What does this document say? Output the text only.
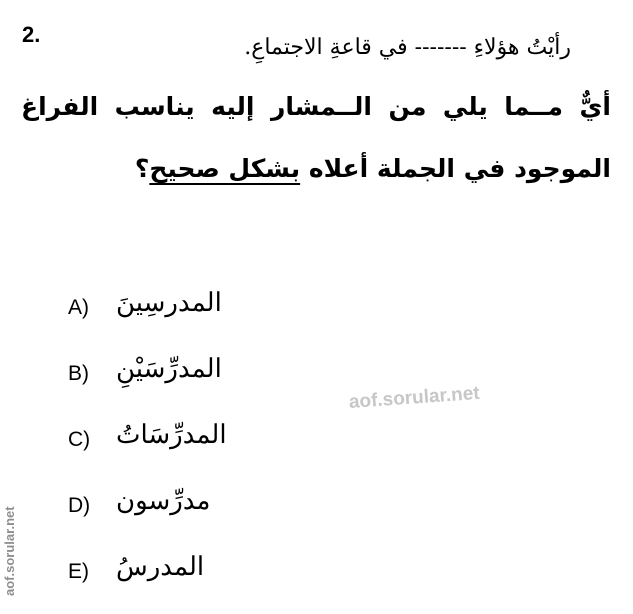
2.
رأيْتُ هؤلاءِ ------- في قاعةِ الاجتماعِ.
أيٌّ مــما يلي من الــمشار إليه يناسب الفراغ الموجود في الجملة أعلاه بشكل صحيح؟
A) المدرسِينَ
B) المدرِّسَيْنِ
C) المدرِّسَاتُ
D) مدرِّسون
E) المدرسُ
aof.sorular.net
aof.sorular.net
